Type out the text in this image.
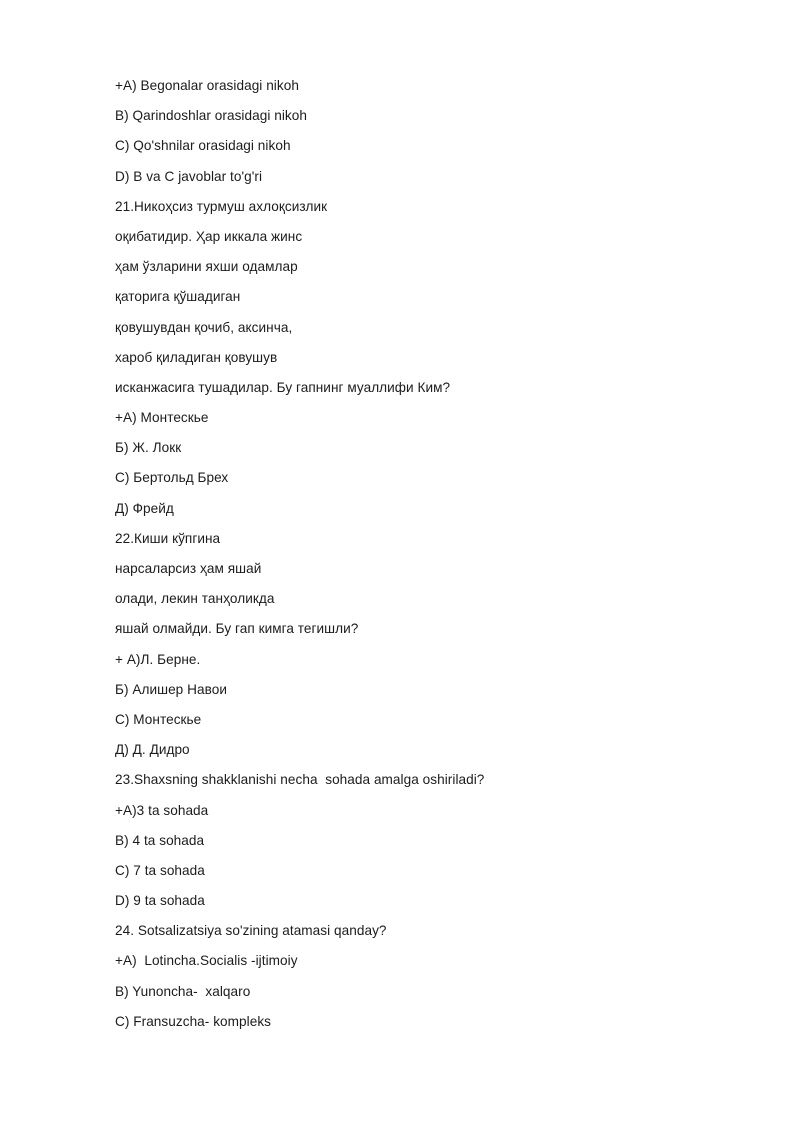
+A) Begonalar orasidagi nikoh
B) Qarindoshlar orasidagi nikoh
C) Qo'shnilar orasidagi nikoh
D) B va C javoblar to'g'ri
21.Никоҳсиз турмуш ахлоқсизлик
оқибатидир. Ҳар иккала жинс
ҳам ўзларини яхши одамлар
қаторига қўшадиган
қовушувдан қочиб, аксинча,
хароб қиладиган қовушув
исканжасига тушадилар. Бу гапнинг муаллифи Ким?
+А) Монтескье
Б) Ж. Локк
С) Бертольд Брех
Д) Фрейд
22.Киши кўпгина
нарсаларсиз ҳам яшай
олади, лекин танҳоликда
яшай олмайди. Бу гап кимга тегишли?
+ А)Л. Берне.
Б) Алишер Навои
С) Монтескье
Д) Д. Дидро
23.Shaxsning shakklanishi necha  sohada amalga oshiriladi?
+A)3 ta sohada
B) 4 ta sohada
C) 7 ta sohada
D) 9 ta sohada
24. Sotsalizatsiya so'zining atamasi qanday?
+A)  Lotincha.Socialis -ijtimoiy
B) Yunoncha-  xalqaro
C) Fransuzcha- kompleks
